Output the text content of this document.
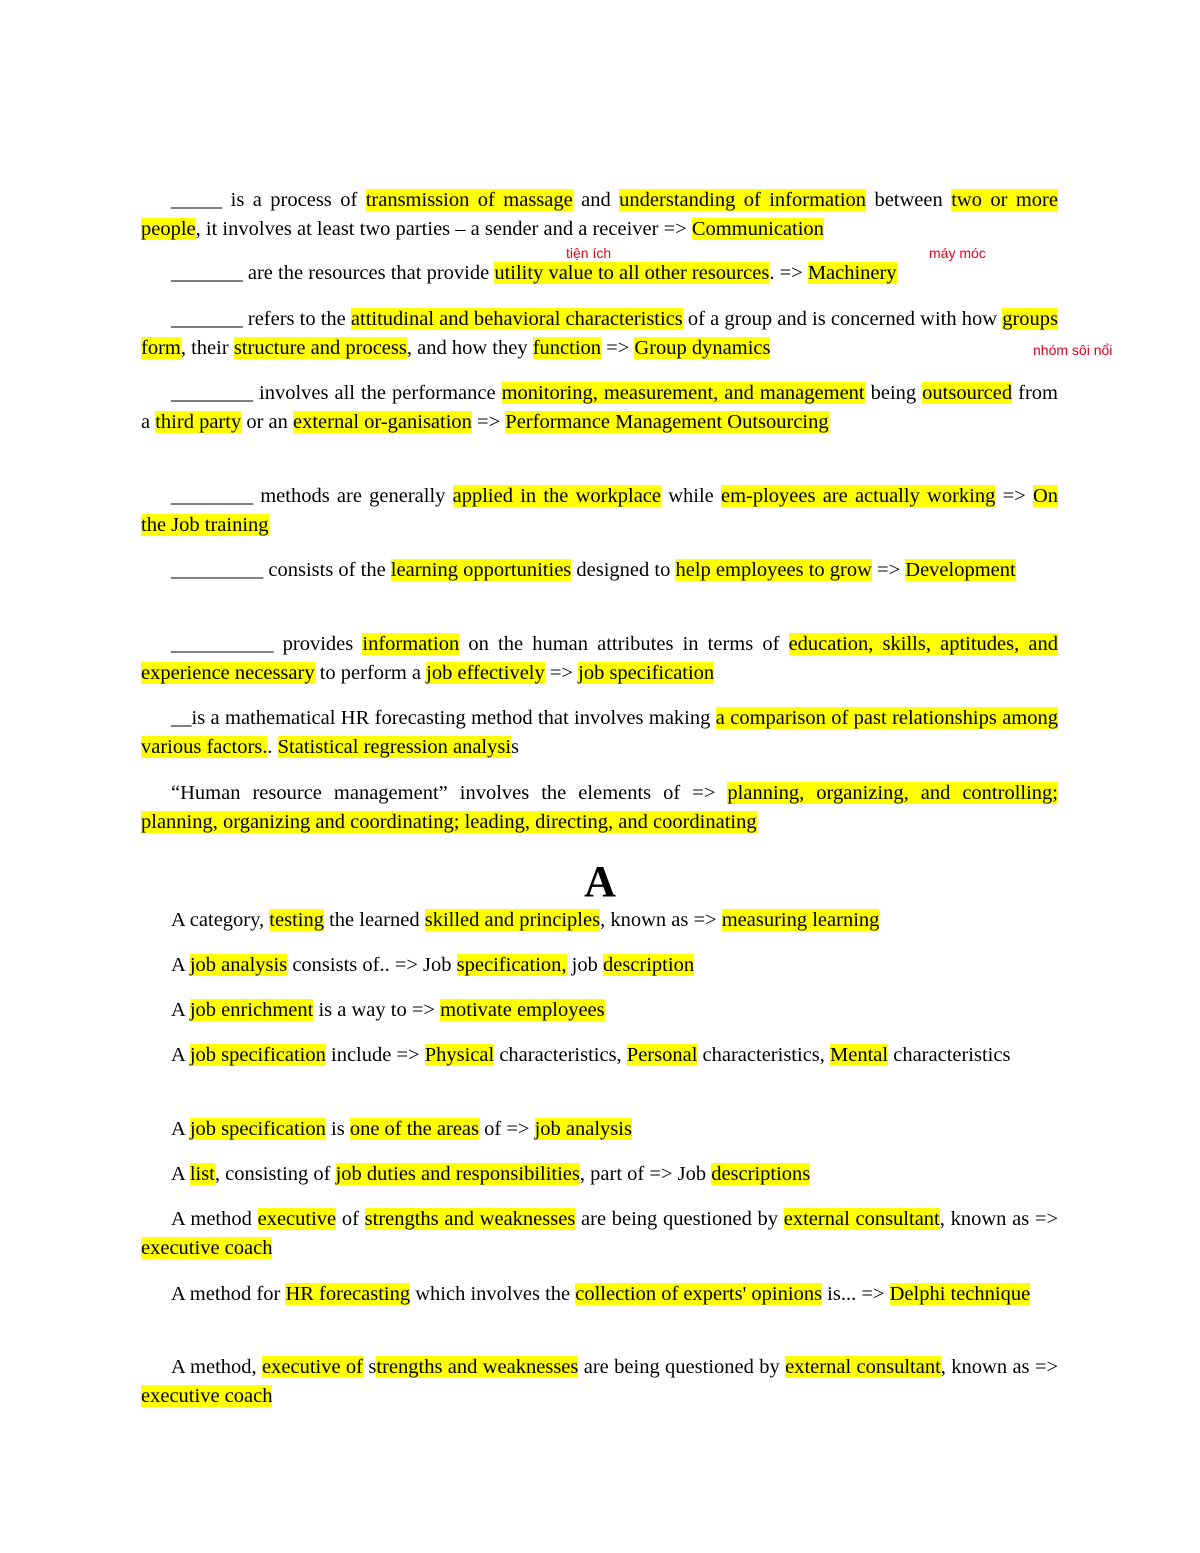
_____ is a process of transmission of massage and understanding of information between two or more people, it involves at least two parties – a sender and a receiver => Communication

tiện ích	máy móc

_______ are the resources that provide utility value to all other resources. => Machinery

_______ refers to the attitudinal and behavioral characteristics of a group and is concerned with how groups form, their structure and process, and how they function => Group dynamics	nhóm sôi nổi

________ involves all the performance monitoring, measurement, and management being outsourced from a third party or an external or-ganisation => Performance Management Outsourcing

________ methods are generally applied in the workplace while em-ployees are actually working => On the Job training

_________ consists of the learning opportunities designed to help employees to grow => Development

__________ provides information on the human attributes in terms of education, skills, aptitudes, and experience necessary to perform a job effectively => job specification

__is a mathematical HR forecasting method that involves making a comparison of past relationships among various factors.. Statistical regression analysis

“Human resource management” involves the elements of => planning, organizing, and controlling; planning, organizing and coordinating; leading, directing, and coordinating

A

A category, testing the learned skilled and principles, known as => measuring learning

A job analysis consists of.. => Job specification, job description

A job enrichment is a way to => motivate employees

A job specification include => Physical characteristics, Personal characteristics, Mental characteristics

A job specification is one of the areas of => job analysis

A list, consisting of job duties and responsibilities, part of => Job descriptions

A method executive of strengths and weaknesses are being questioned by external consultant, known as => executive coach

A method for HR forecasting which involves the collection of experts' opinions is... => Delphi technique

A method, executive of strengths and weaknesses are being questioned by external consultant, known as => executive coach
